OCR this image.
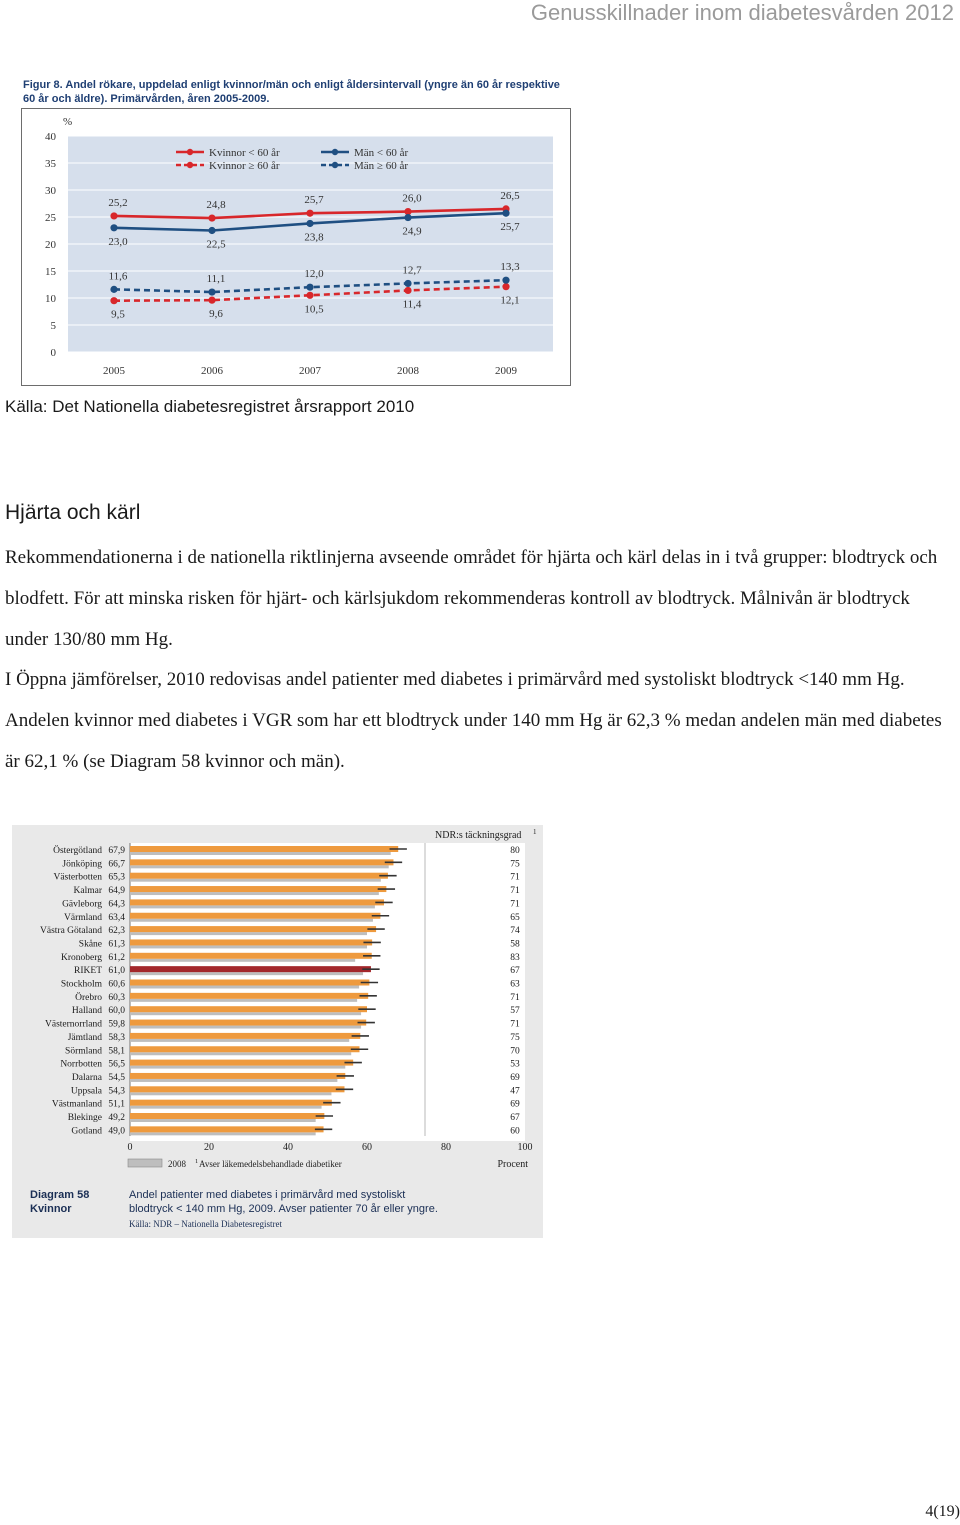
Genusskillnader inom diabetesvården 2012
Figur 8. Andel rökare, uppdelad enligt kvinnor/män och enligt åldersintervall (yngre än 60 år respektive
60 år och äldre). Primärvården, åren 2005-2009.
0
5
10
15
20
25
30
35
40
%
2005	2006	2007	2008	2009
25,2	24,8	25,7	26,0	26,5
23,0	22,5
23,8	24,9	25,7
9,5	9,6	10,5	11,4	12,1
11,6	11,1	12,0	12,7	13,3
Kvinnor < 60 år
Kvinnor ≥ 60 år
Män < 60 år
Män ≥ 60 år
Källa: Det Nationella diabetesregistret årsrapport 2010
Hjärta och kärl

Rekommendationerna i de nationella riktlinjerna avseende området för hjärta och kärl delas in i två grupper: blodtryck och blodfett. För att minska risken för hjärt- och kärlsjukdom rekommenderas kontroll av blodtryck. Målnivån är blodtryck under 130/80 mm Hg.

I Öppna jämförelser, 2010 redovisas andel patienter med diabetes i primärvård med systoliskt blodtryck <140 mm Hg. Andelen kvinnor med diabetes i VGR som har ett blodtryck under 140 mm Hg är 62,3 % medan andelen män med diabetes är 62,1 % (se Diagram 58 kvinnor och män).

0	20	40	60	80	100
NDR:s täckningsgrad 1
Östergötland 67,9	80
Jönköping 66,7	75
Västerbotten 65,3	71
Kalmar 64,9	71
Gävleborg 64,3	71
Värmland 63,4	65
Västra Götaland 62,3	74
Skåne 61,3	58
Kronoberg 61,2	83
RIKET 61,0	67
Stockholm 60,6	63
Örebro 60,3	71
Halland 60,0	57
Västernorrland 59,8	71
Jämtland 58,3	75
Sörmland 58,1	70
Norrbotten 56,5	53
Dalarna 54,5	69
Uppsala 54,3	47
Västmanland 51,1	69
Blekinge 49,2	67
Gotland 49,0	60
2008 1 Avser läkemedelsbehandlade diabetiker	Procent
Diagram 58
Kvinnor
Andel patienter med diabetes i primärvård med systoliskt
blodtryck < 140 mm Hg, 2009. Avser patienter 70 år eller yngre.
Källa: NDR – Nationella Diabetesregistret
4(19)
